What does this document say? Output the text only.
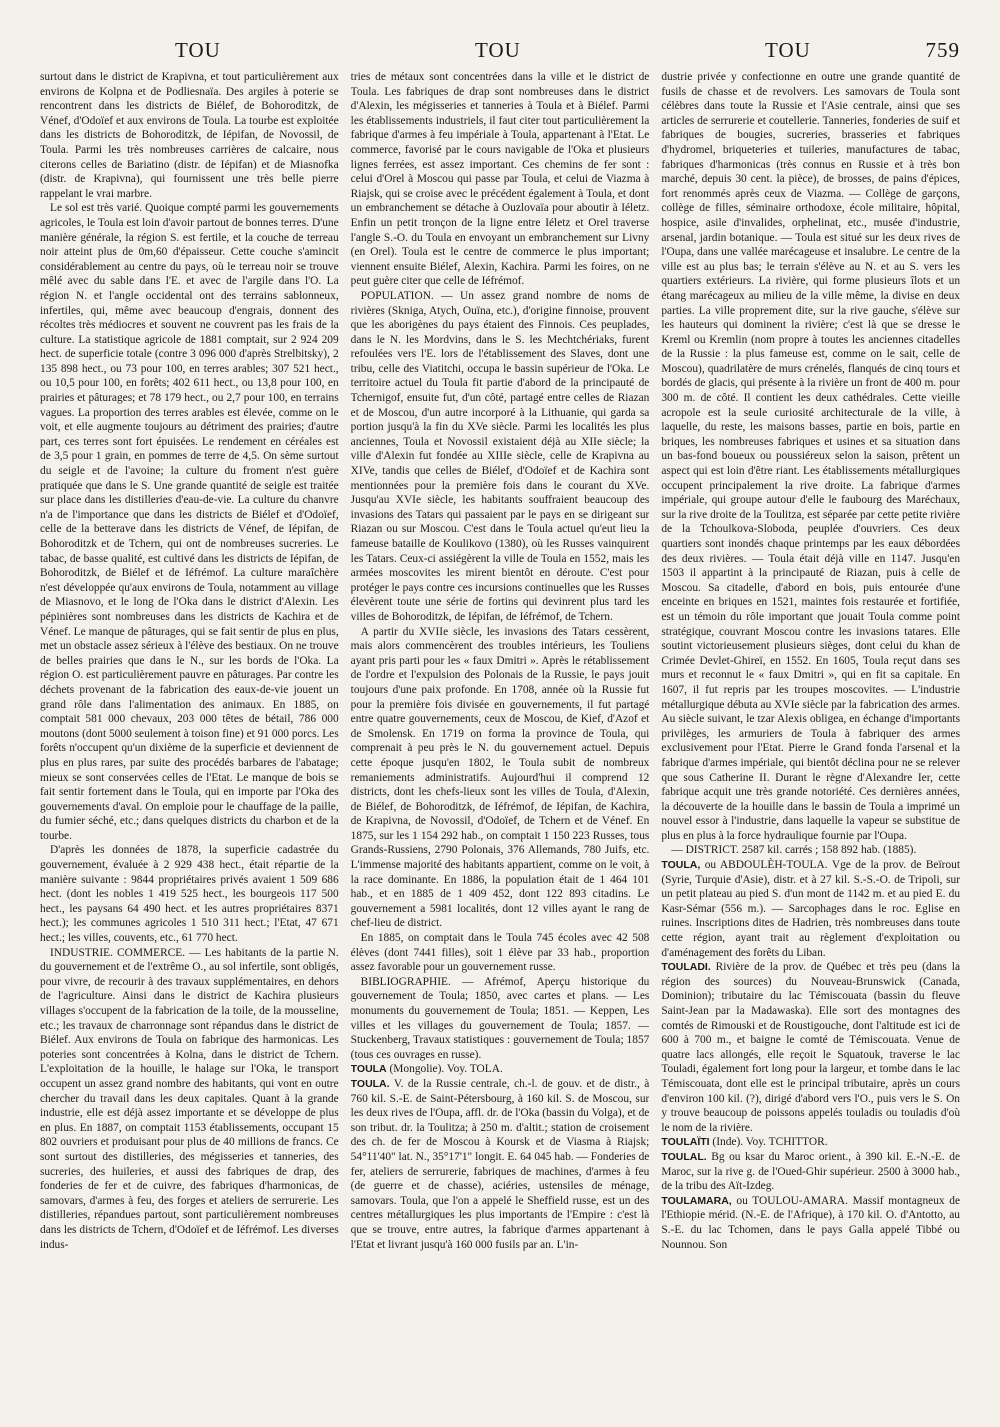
TOU	TOU	TOU	759

surtout dans le district de Krapivna, et tout particulièrement aux environs de Kolpna et de Podliesnaïa. Des argiles à poterie se rencontrent dans les districts de Biélef, de Bohoroditzk, de Vénef, d'Odoïef et aux environs de Toula. La tourbe est exploitée dans les districts de Bohoroditzk, de Iépifan, de Novossil, de Toula. Parmi les très nombreuses carrières de calcaire, nous citerons celles de Bariatino (distr. de Iépifan) et de Miasnofka (distr. de Krapivna), qui fournissent une très belle pierre rappelant le vrai marbre.

Le sol est très varié. Quoique compté parmi les gouvernements agricoles, le Toula est loin d'avoir partout de bonnes terres. D'une manière générale, la région S. est fertile, et la couche de terreau noir atteint plus de 0m,60 d'épaisseur. Cette couche s'amincit considérablement au centre du pays, où le terreau noir se trouve mêlé avec du sable dans l'E. et avec de l'argile dans l'O. La région N. et l'angle occidental ont des terrains sablonneux, infertiles, qui, même avec beaucoup d'engrais, donnent des récoltes très médiocres et souvent ne couvrent pas les frais de la culture. La statistique agricole de 1881 comptait, sur 2 924 209 hect. de superficie totale (contre 3 096 000 d'après Strelbitsky), 2 135 898 hect., ou 73 pour 100, en terres arables; 307 521 hect., ou 10,5 pour 100, en forêts; 402 611 hect., ou 13,8 pour 100, en prairies et pâturages; et 78 179 hect., ou 2,7 pour 100, en terrains vagues. La proportion des terres arables est élevée, comme on le voit, et elle augmente toujours au détriment des prairies; d'autre part, ces terres sont fort épuisées. Le rendement en céréales est de 3,5 pour 1 grain, en pommes de terre de 4,5. On sème surtout du seigle et de l'avoine; la culture du froment n'est guère pratiquée que dans le S. Une grande quantité de seigle est traitée sur place dans les distilleries d'eau-de-vie. La culture du chanvre n'a de l'importance que dans les districts de Biélef et d'Odoïef, celle de la betterave dans les districts de Vénef, de Iépifan, de Bohoroditzk et de Tchern, qui ont de nombreuses sucreries. Le tabac, de basse qualité, est cultivé dans les districts de Iépifan, de Bohoroditzk, de Biélef et de Iéfrémof. La culture maraîchère n'est développée qu'aux environs de Toula, notamment au village de Miasnovo, et le long de l'Oka dans le district d'Alexin. Les pépinières sont nombreuses dans les districts de Kachira et de Vénef. Le manque de pâturages, qui se fait sentir de plus en plus, met un obstacle assez sérieux à l'élève des bestiaux. On ne trouve de belles prairies que dans le N., sur les bords de l'Oka. La région O. est particulièrement pauvre en pâturages. Par contre les déchets provenant de la fabrication des eaux-de-vie jouent un grand rôle dans l'alimentation des animaux. En 1885, on comptait 581 000 chevaux, 203 000 têtes de bétail, 786 000 moutons (dont 5000 seulement à toison fine) et 91 000 porcs. Les forêts n'occupent qu'un dixième de la superficie et deviennent de plus en plus rares, par suite des procédés barbares de l'abatage; mieux se sont conservées celles de l'Etat. Le manque de bois se fait sentir fortement dans le Toula, qui en importe par l'Oka des gouvernements d'aval. On emploie pour le chauffage de la paille, du fumier séché, etc.; dans quelques districts du charbon et de la tourbe.

D'après les données de 1878, la superficie cadastrée du gouvernement, évaluée à 2 929 438 hect., était répartie de la manière suivante : 9844 propriétaires privés avaient 1 509 686 hect. (dont les nobles 1 419 525 hect., les bourgeois 117 500 hect., les paysans 64 490 hect. et les autres propriétaires 8371 hect.); les communes agricoles 1 510 311 hect.; l'Etat, 47 671 hect.; les villes, couvents, etc., 61 770 hect.

INDUSTRIE. COMMERCE. — Les habitants de la partie N. du gouvernement et de l'extrême O., au sol infertile, sont obligés, pour vivre, de recourir à des travaux supplémentaires, en dehors de l'agriculture. Ainsi dans le district de Kachira plusieurs villages s'occupent de la fabrication de la toile, de la mousseline, etc.; les travaux de charronnage sont répandus dans le district de Biélef. Aux environs de Toula on fabrique des harmonicas. Les poteries sont concentrées à Kolna, dans le district de Tchern. L'exploitation de la houille, le halage sur l'Oka, le transport occupent un assez grand nombre des habitants, qui vont en outre chercher du travail dans les deux capitales. Quant à la grande industrie, elle est déjà assez importante et se développe de plus en plus. En 1887, on comptait 1153 établissements, occupant 15 802 ouvriers et produisant pour plus de 40 millions de francs. Ce sont surtout des distilleries, des mégisseries et tanneries, des sucreries, des huileries, et aussi des fabriques de drap, des fonderies de fer et de cuivre, des fabriques d'harmonicas, de samovars, d'armes à feu, des forges et ateliers de serrurerie. Les distilleries, répandues partout, sont particulièrement nombreuses dans les districts de Tchern, d'Odoïef et de Iéfrémof. Les diverses indus-

tries de métaux sont concentrées dans la ville et le district de Toula. Les fabriques de drap sont nombreuses dans le district d'Alexin, les mégisseries et tanneries à Toula et à Biélef. Parmi les établissements industriels, il faut citer tout particulièrement la fabrique d'armes à feu impériale à Toula, appartenant à l'Etat. Le commerce, favorisé par le cours navigable de l'Oka et plusieurs lignes ferrées, est assez important. Ces chemins de fer sont : celui d'Orel à Moscou qui passe par Toula, et celui de Viazma à Riajsk, qui se croise avec le précédent également à Toula, et dont un embranchement se détache à Ouzlovaïa pour aboutir à Iéletz. Enfin un petit tronçon de la ligne entre Iéletz et Orel traverse l'angle S.-O. du Toula en envoyant un embranchement sur Livny (en Orel). Toula est le centre de commerce le plus important; viennent ensuite Biélef, Alexin, Kachira. Parmi les foires, on ne peut guère citer que celle de Iéfrémof.

POPULATION. — Un assez grand nombre de noms de rivières (Skniga, Atych, Ouïna, etc.), d'origine finnoise, prouvent que les aborigènes du pays étaient des Finnois. Ces peuplades, dans le N. les Mordvins, dans le S. les Mechtchériaks, furent refoulées vers l'E. lors de l'établissement des Slaves, dont une tribu, celle des Viatitchi, occupa le bassin supérieur de l'Oka. Le territoire actuel du Toula fit partie d'abord de la principauté de Tchernigof, ensuite fut, d'un côté, partagé entre celles de Riazan et de Moscou, d'un autre incorporé à la Lithuanie, qui garda sa portion jusqu'à la fin du XVe siècle. Parmi les localités les plus anciennes, Toula et Novossil existaient déjà au XIIe siècle; la ville d'Alexin fut fondée au XIIIe siècle, celle de Krapivna au XIVe, tandis que celles de Biélef, d'Odoïef et de Kachira sont mentionnées pour la première fois dans le courant du XVe. Jusqu'au XVIe siècle, les habitants souffraient beaucoup des invasions des Tatars qui passaient par le pays en se dirigeant sur Riazan ou sur Moscou. C'est dans le Toula actuel qu'eut lieu la fameuse bataille de Koulikovo (1380), où les Russes vainquirent les Tatars. Ceux-ci assiégèrent la ville de Toula en 1552, mais les armées moscovites les mirent bientôt en déroute. C'est pour protéger le pays contre ces incursions continuelles que les Russes élevèrent toute une série de fortins qui devinrent plus tard les villes de Bohoroditzk, de Iépifan, de Iéfrémof, de Tchern.

A partir du XVIIe siècle, les invasions des Tatars cessèrent, mais alors commencèrent des troubles intérieurs, les Touliens ayant pris parti pour les « faux Dmitri ». Après le rétablissement de l'ordre et l'expulsion des Polonais de la Russie, le pays jouit toujours d'une paix profonde. En 1708, année où la Russie fut pour la première fois divisée en gouvernements, il fut partagé entre quatre gouvernements, ceux de Moscou, de Kief, d'Azof et de Smolensk. En 1719 on forma la province de Toula, qui comprenait à peu près le N. du gouvernement actuel. Depuis cette époque jusqu'en 1802, le Toula subit de nombreux remaniements administratifs. Aujourd'hui il comprend 12 districts, dont les chefs-lieux sont les villes de Toula, d'Alexin, de Biélef, de Bohoroditzk, de Iéfrémof, de Iépifan, de Kachira, de Krapivna, de Novossil, d'Odoïef, de Tchern et de Vénef. En 1875, sur les 1 154 292 hab., on comptait 1 150 223 Russes, tous Grands-Russiens, 2790 Polonais, 376 Allemands, 780 Juifs, etc. L'immense majorité des habitants appartient, comme on le voit, à la race dominante. En 1886, la population était de 1 464 101 hab., et en 1885 de 1 409 452, dont 122 893 citadins. Le gouvernement a 5981 localités, dont 12 villes ayant le rang de chef-lieu de district.

En 1885, on comptait dans le Toula 745 écoles avec 42 508 élèves (dont 7441 filles), soit 1 élève par 33 hab., proportion assez favorable pour un gouvernement russe.

BIBLIOGRAPHIE. — Afrémof, Aperçu historique du gouvernement de Toula; 1850, avec cartes et plans. — Les monuments du gouvernement de Toula; 1851. — Keppen, Les villes et les villages du gouvernement de Toula; 1857. — Stuckenberg, Travaux statistiques : gouvernement de Toula; 1857 (tous ces ouvrages en russe).

TOULA (Mongolie). Voy. TOLA.

TOULA. V. de la Russie centrale, ch.-l. de gouv. et de distr., à 760 kil. S.-E. de Saint-Pétersbourg, à 160 kil. S. de Moscou, sur les deux rives de l'Oupa, affl. dr. de l'Oka (bassin du Volga), et de son tribut. dr. la Toulitza; à 250 m. d'altit.; station de croisement des ch. de fer de Moscou à Koursk et de Viasma à Riajsk; 54°11'40" lat. N., 35°17'1" longit. E. 64 045 hab. — Fonderies de fer, ateliers de serrurerie, fabriques de machines, d'armes à feu (de guerre et de chasse), aciéries, ustensiles de ménage, samovars. Toula, que l'on a appelé le Sheffield russe, est un des centres métallurgiques les plus importants de l'Empire : c'est là que se trouve, entre autres, la fabrique d'armes appartenant à l'Etat et livrant jusqu'à 160 000 fusils par an. L'in-

dustrie privée y confectionne en outre une grande quantité de fusils de chasse et de revolvers. Les samovars de Toula sont célèbres dans toute la Russie et l'Asie centrale, ainsi que ses articles de serrurerie et coutellerie. Tanneries, fonderies de suif et fabriques de bougies, sucreries, brasseries et fabriques d'hydromel, briqueteries et tuileries, manufactures de tabac, fabriques d'harmonicas (très connus en Russie et à très bon marché, depuis 30 cent. la pièce), de brosses, de pains d'épices, fort renommés après ceux de Viazma. — Collège de garçons, collège de filles, séminaire orthodoxe, école militaire, hôpital, hospice, asile d'invalides, orphelinat, etc., musée d'industrie, arsenal, jardin botanique. — Toula est situé sur les deux rives de l'Oupa, dans une vallée marécageuse et insalubre. Le centre de la ville est au plus bas; le terrain s'élève au N. et au S. vers les quartiers extérieurs. La rivière, qui forme plusieurs îlots et un étang marécageux au milieu de la ville même, la divise en deux parties. La ville proprement dite, sur la rive gauche, s'élève sur les hauteurs qui dominent la rivière; c'est là que se dresse le Kreml ou Kremlin (nom propre à toutes les anciennes citadelles de la Russie : la plus fameuse est, comme on le sait, celle de Moscou), quadrilatère de murs crénelés, flanqués de cinq tours et bordés de glacis, qui présente à la rivière un front de 400 m. pour 300 m. de côté. Il contient les deux cathédrales. Cette vieille acropole est la seule curiosité architecturale de la ville, à laquelle, du reste, les maisons basses, partie en bois, partie en briques, les nombreuses fabriques et usines et sa situation dans un bas-fond boueux ou poussiéreux selon la saison, prêtent un aspect qui est loin d'être riant. Les établissements métallurgiques occupent principalement la rive droite. La fabrique d'armes impériale, qui groupe autour d'elle le faubourg des Maréchaux, sur la rive droite de la Toulitza, est séparée par cette petite rivière de la Tchoulkova-Sloboda, peuplée d'ouvriers. Ces deux quartiers sont inondés chaque printemps par les eaux débordées des deux rivières. — Toula était déjà ville en 1147. Jusqu'en 1503 il appartint à la principauté de Riazan, puis à celle de Moscou. Sa citadelle, d'abord en bois, puis entourée d'une enceinte en briques en 1521, maintes fois restaurée et fortifiée, est un témoin du rôle important que jouait Toula comme point stratégique, couvrant Moscou contre les invasions tatares. Elle soutint victorieusement plusieurs sièges, dont celui du khan de Crimée Devlet-Ghireï, en 1552. En 1605, Toula reçut dans ses murs et reconnut le « faux Dmitri », qui en fit sa capitale. En 1607, il fut repris par les troupes moscovites. — L'industrie métallurgique débuta au XVIe siècle par la fabrication des armes. Au siècle suivant, le tzar Alexis obligea, en échange d'importants privilèges, les armuriers de Toula à fabriquer des armes exclusivement pour l'Etat. Pierre le Grand fonda l'arsenal et la fabrique d'armes impériale, qui bientôt déclina pour ne se relever que sous Catherine II. Durant le règne d'Alexandre Ier, cette fabrique acquit une très grande notoriété. Ces dernières années, la découverte de la houille dans le bassin de Toula a imprimé un nouvel essor à l'industrie, dans laquelle la vapeur se substitue de plus en plus à la force hydraulique fournie par l'Oupa.

— DISTRICT. 2587 kil. carrés ; 158 892 hab. (1885).

TOULA, ou ABDOULÈH-TOULA. Vge de la prov. de Beïrout (Syrie, Turquie d'Asie), distr. et à 27 kil. S.-S.-O. de Tripoli, sur un petit plateau au pied S. d'un mont de 1142 m. et au pied E. du Kasr-Sémar (556 m.). — Sarcophages dans le roc. Eglise en ruines. Inscriptions dites de Hadrien, très nombreuses dans toute cette région, ayant trait au règlement d'exploitation ou d'aménagement des forêts du Liban.

TOULADI. Rivière de la prov. de Québec et très peu (dans la région des sources) du Nouveau-Brunswick (Canada, Dominion); tributaire du lac Témiscouata (bassin du fleuve Saint-Jean par la Madawaska). Elle sort des montagnes des comtés de Rimouski et de Roustigouche, dont l'altitude est ici de 600 à 700 m., et baigne le comté de Témiscouata. Venue de quatre lacs allongés, elle reçoit le Squatouk, traverse le lac Touladi, également fort long pour la largeur, et tombe dans le lac Témiscouata, dont elle est le principal tributaire, après un cours d'environ 100 kil. (?), dirigé d'abord vers l'O., puis vers le S. On y trouve beaucoup de poissons appelés touladis ou touladis d'où le nom de la rivière.

TOULAÏTI (Inde). Voy. TCHITTOR.

TOULAL. Bg ou ksar du Maroc orient., à 390 kil. E.-N.-E. de Maroc, sur la rive g. de l'Oued-Ghir supérieur. 2500 à 3000 hab., de la tribu des Aït-Izdeg.

TOULAMARA, ou TOULOU-AMARA. Massif montagneux de l'Ethiopie mérid. (N.-E. de l'Afrique), à 170 kil. O. d'Antotto, au S.-E. du lac Tchomen, dans le pays Galla appelé Tibbé ou Nounnou. Son
